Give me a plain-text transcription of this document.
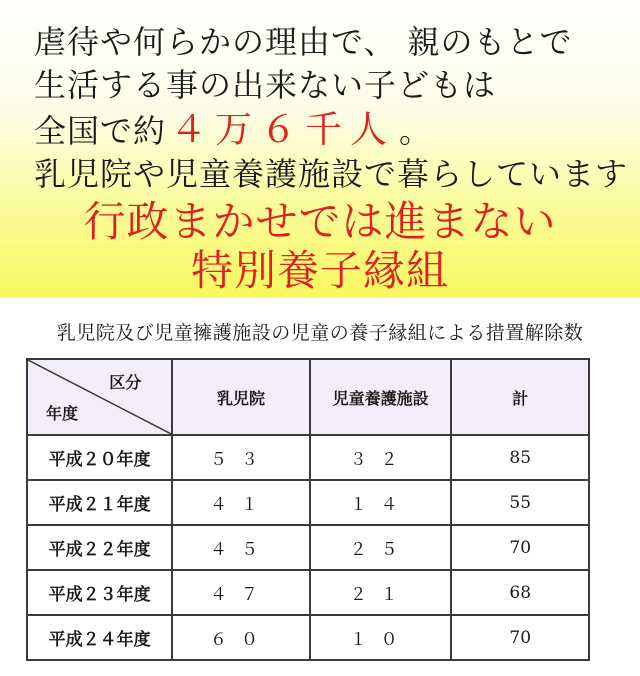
虐待や何らかの理由で、 親のもとで
生活する事の出来ない子どもは
全国で約 ４万６千人 。
乳児院や児童養護施設で暮らしています
行政まかせでは進まない
特別養子縁組
乳児院及び児童擁護施設の児童の養子縁組による措置解除数
区分
年度	乳児院	児童養護施設	計
平成２０年度	５３	３２	85
平成２１年度	４１	１４	55
平成２２年度	４５	２５	70
平成２３年度	４７	２１	68
平成２４年度	６０	１０	70
